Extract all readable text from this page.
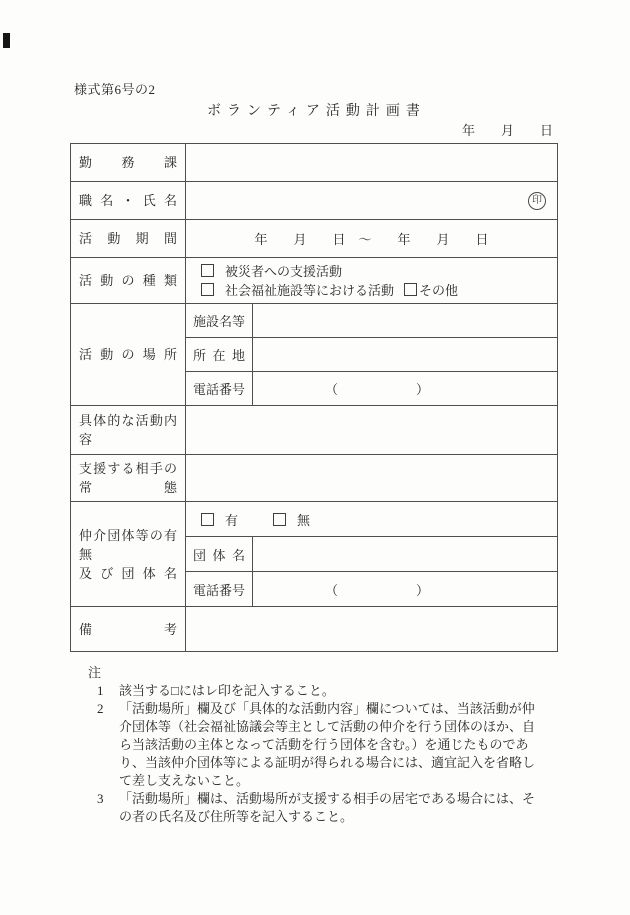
様式第6号の2
ボランティア活動計画書
年　　月　　日
勤務課		
職名・氏名	印	

活動期間	年　　月　　日　～　　年　　月　　日	
活動の種類	被災者への支援活動
社会福祉施設等における活動 その他	

活動の場所	施設名等	
	所在地	
	電話番号	（　　　　　　）
具体的な活動内容		

支援する相手の
常態		

仲介団体等の有無
及び団体名	有 無	
	団体名	
	電話番号	（　　　　　　）
備考		
注
1	該当する□にはレ印を記入すること。
2	「活動場所」欄及び「具体的な活動内容」欄については、当該活動が仲介団体等（社会福祉協議会等主として活動の仲介を行う団体のほか、自ら当該活動の主体となって活動を行う団体を含む。）を通じたものであり、当該仲介団体等による証明が得られる場合には、適宜記入を省略して差し支えないこと。
3	「活動場所」欄は、活動場所が支援する相手の居宅である場合には、その者の氏名及び住所等を記入すること。
